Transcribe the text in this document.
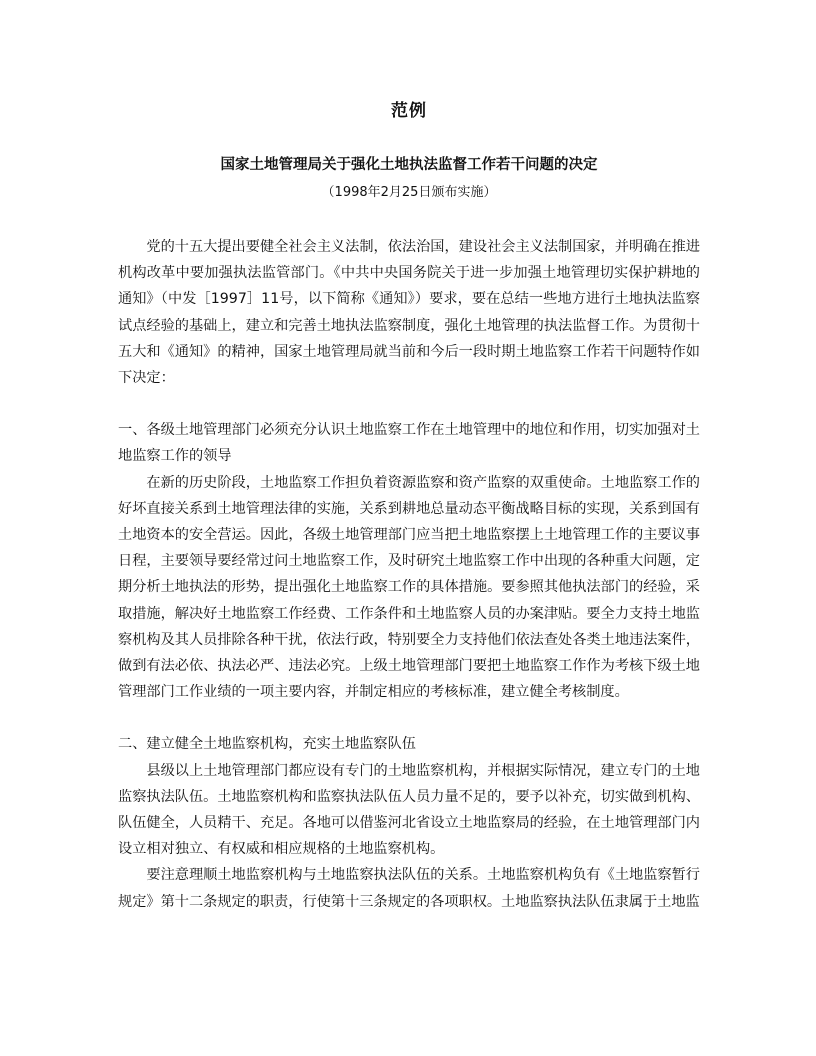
范例
国家土地管理局关于强化土地执法监督工作若干问题的决定
（1998年2月25日颁布实施）

党的十五大提出要健全社会主义法制，依法治国，建设社会主义法制国家，并明确在推进机构改革中要加强执法监管部门。《中共中央国务院关于进一步加强土地管理切实保护耕地的通知》（中发［1997］11号，以下简称《通知》）要求，要在总结一些地方进行土地执法监察试点经验的基础上，建立和完善土地执法监察制度，强化土地管理的执法监督工作。为贯彻十五大和《通知》的精神，国家土地管理局就当前和今后一段时期土地监察工作若干问题特作如下决定：

一、各级土地管理部门必须充分认识土地监察工作在土地管理中的地位和作用，切实加强对土地监察工作的领导

在新的历史阶段，土地监察工作担负着资源监察和资产监察的双重使命。土地监察工作的好坏直接关系到土地管理法律的实施，关系到耕地总量动态平衡战略目标的实现，关系到国有土地资本的安全营运。因此，各级土地管理部门应当把土地监察摆上土地管理工作的主要议事日程，主要领导要经常过问土地监察工作，及时研究土地监察工作中出现的各种重大问题，定期分析土地执法的形势，提出强化土地监察工作的具体措施。要参照其他执法部门的经验，采取措施，解决好土地监察工作经费、工作条件和土地监察人员的办案津贴。要全力支持土地监察机构及其人员排除各种干扰，依法行政，特别要全力支持他们依法查处各类土地违法案件，做到有法必依、执法必严、违法必究。上级土地管理部门要把土地监察工作作为考核下级土地管理部门工作业绩的一项主要内容，并制定相应的考核标准，建立健全考核制度。

二、建立健全土地监察机构，充实土地监察队伍

县级以上土地管理部门都应设有专门的土地监察机构，并根据实际情况，建立专门的土地监察执法队伍。土地监察机构和监察执法队伍人员力量不足的，要予以补充，切实做到机构、队伍健全，人员精干、充足。各地可以借鉴河北省设立土地监察局的经验，在土地管理部门内设立相对独立、有权威和相应规格的土地监察机构。

要注意理顺土地监察机构与土地监察执法队伍的关系。土地监察机构负有《土地监察暂行规定》第十二条规定的职责，行使第十三条规定的各项职权。土地监察执法队伍隶属于土地监
